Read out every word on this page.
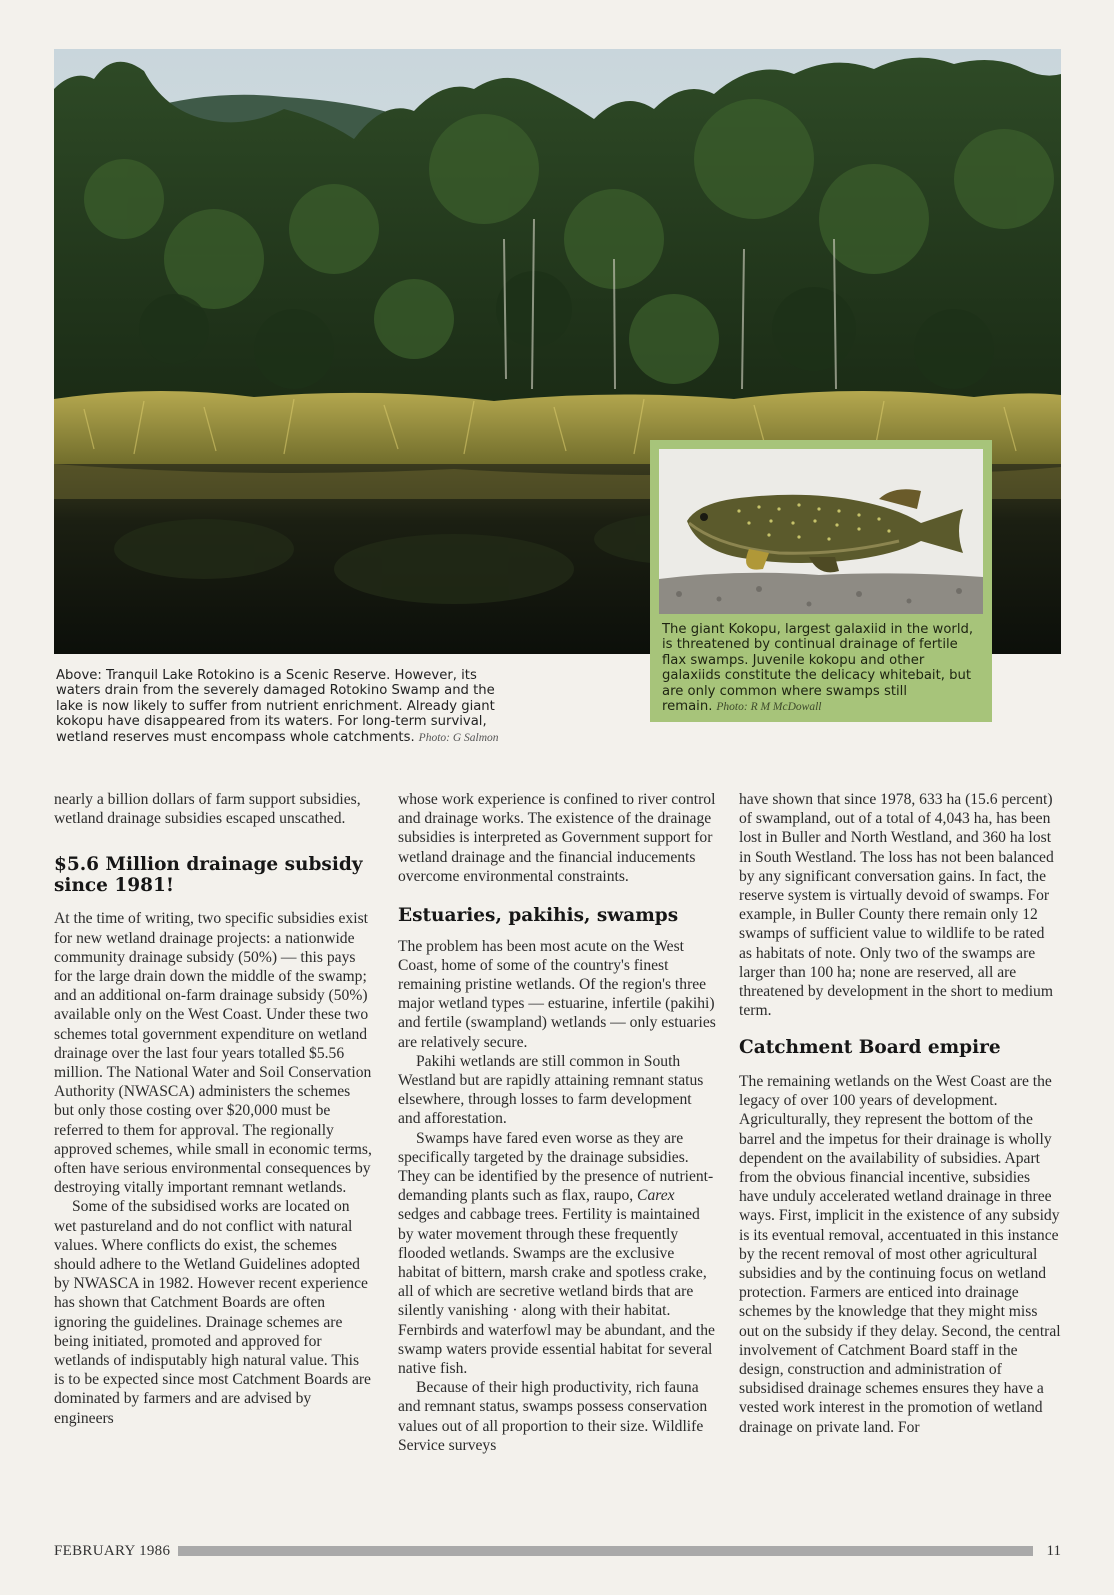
The giant Kokopu, largest galaxiid in the world, is threatened by continual drainage of fertile flax swamps. Juvenile kokopu and other galaxiids constitute the delicacy whitebait, but are only common where swamps still remain. Photo: R M McDowall
Above: Tranquil Lake Rotokino is a Scenic Reserve. However, its waters drain from the severely damaged Rotokino Swamp and the lake is now likely to suffer from nutrient enrichment. Already giant kokopu have disappeared from its waters. For long-term survival, wetland reserves must encompass whole catchments. Photo: G Salmon

nearly a billion dollars of farm support subsidies, wetland drainage subsidies escaped unscathed.

$5.6 Million drainage subsidy since 1981!

At the time of writing, two specific subsidies exist for new wetland drainage projects: a nationwide community drainage subsidy (50%) — this pays for the large drain down the middle of the swamp; and an additional on-farm drainage subsidy (50%) available only on the West Coast. Under these two schemes total government expenditure on wetland drainage over the last four years totalled $5.56 million. The National Water and Soil Conservation Authority (NWASCA) administers the schemes but only those costing over $20,000 must be referred to them for approval. The regionally approved schemes, while small in economic terms, often have serious environmental consequences by destroying vitally important remnant wetlands.

Some of the subsidised works are located on wet pastureland and do not conflict with natural values. Where conflicts do exist, the schemes should adhere to the Wetland Guidelines adopted by NWASCA in 1982. However recent experience has shown that Catchment Boards are often ignoring the guidelines. Drainage schemes are being initiated, promoted and approved for wetlands of indisputably high natural value. This is to be expected since most Catchment Boards are dominated by farmers and are advised by engineers

whose work experience is confined to river control and drainage works. The existence of the drainage subsidies is interpreted as Government support for wetland drainage and the financial inducements overcome environmental constraints.

Estuaries, pakihis, swamps

The problem has been most acute on the West Coast, home of some of the country's finest remaining pristine wetlands. Of the region's three major wetland types — estuarine, infertile (pakihi) and fertile (swampland) wetlands — only estuaries are relatively secure.

Pakihi wetlands are still common in South Westland but are rapidly attaining remnant status elsewhere, through losses to farm development and afforestation.

Swamps have fared even worse as they are specifically targeted by the drainage subsidies. They can be identified by the presence of nutrient-demanding plants such as flax, raupo, Carex sedges and cabbage trees. Fertility is maintained by water movement through these frequently flooded wetlands. Swamps are the exclusive habitat of bittern, marsh crake and spotless crake, all of which are secretive wetland birds that are silently vanishing · along with their habitat. Fernbirds and waterfowl may be abundant, and the swamp waters provide essential habitat for several native fish.

Because of their high productivity, rich fauna and remnant status, swamps possess conservation values out of all proportion to their size. Wildlife Service surveys

have shown that since 1978, 633 ha (15.6 percent) of swampland, out of a total of 4,043 ha, has been lost in Buller and North Westland, and 360 ha lost in South Westland. The loss has not been balanced by any significant conversation gains. In fact, the reserve system is virtually devoid of swamps. For example, in Buller County there remain only 12 swamps of sufficient value to wildlife to be rated as habitats of note. Only two of the swamps are larger than 100 ha; none are reserved, all are threatened by development in the short to medium term.

Catchment Board empire

The remaining wetlands on the West Coast are the legacy of over 100 years of development. Agriculturally, they represent the bottom of the barrel and the impetus for their drainage is wholly dependent on the availability of subsidies. Apart from the obvious financial incentive, subsidies have unduly accelerated wetland drainage in three ways. First, implicit in the existence of any subsidy is its eventual removal, accentuated in this instance by the recent removal of most other agricultural subsidies and by the continuing focus on wetland protection. Farmers are enticed into drainage schemes by the knowledge that they might miss out on the subsidy if they delay. Second, the central involvement of Catchment Board staff in the design, construction and administration of subsidised drainage schemes ensures they have a vested work interest in the promotion of wetland drainage on private land. For

FEBRUARY 1986	11
